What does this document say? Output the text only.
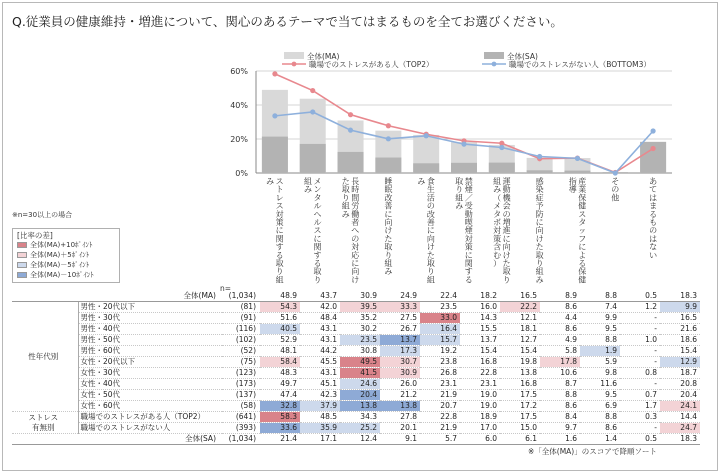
Q.従業員の健康維持・増進について、関心のあるテーマで当てはまるものを全てお選びください。
0%
20%
40%
60%
ストレス対策に関する取り組み	メンタルヘルスに関する取り組み
長時間労働者への対応に向けた取り組み
睡眠改善に向けた取り組み
食生活の改善に向けた取り組み	禁煙／受動喫煙対策に関する取り組み
運動機会の増進に向けた取り組み（メタボ対策含む）
感染症予防に向けた取り組み
産業保健スタッフによる保健指導
その他
あてはまるものはない
全体(MA)
職場でのストレスがある人（TOP2）
全体(SA)
職場でのストレスがない人（BOTTOM3）
※n=30以上の場合
[比率の差]
全体(MA)+10ﾎﾟｲﾝﾄ
全体(MA)＋5ﾎﾟｲﾝﾄ
全体(MA)－5ﾎﾟｲﾝﾄ
全体(MA)－10ﾎﾟｲﾝﾄ
n=
全体(MA)		(1,034)	48.9	43.7	30.9	24.9	22.4	18.2	16.5	8.9	8.8	0.5	18.3
性年代別	男性・20代以下	(81)	54.3	42.0	39.5	33.3	23.5	16.0	22.2	8.6	7.4	1.2	9.9
	男性・30代	(91)	51.6	48.4	35.2	27.5	33.0	14.3	12.1	4.4	9.9	-	16.5
	男性・40代	(116)	40.5	43.1	30.2	26.7	16.4	15.5	18.1	8.6	9.5	-	21.6
	男性・50代	(102)	52.9	43.1	23.5	13.7	15.7	13.7	12.7	4.9	8.8	1.0	18.6
	男性・60代	(52)	48.1	44.2	30.8	17.3	19.2	15.4	15.4	5.8	1.9	-	15.4
	女性・20代以下	(75)	58.4	45.5	49.5	30.7	23.8	16.8	19.8	17.8	5.9	-	12.9
	女性・30代	(123)	48.3	43.1	41.5	30.9	26.8	22.8	13.8	10.6	9.8	0.8	18.7
	女性・40代	(173)	49.7	45.1	24.6	26.0	23.1	23.1	16.8	8.7	11.6	-	20.8
	女性・50代	(137)	47.4	42.3	20.4	21.2	21.9	19.0	17.5	8.8	9.5	0.7	20.4
	女性・60代	(58)	32.8	37.9	13.8	13.8	20.7	19.0	17.2	8.6	6.9	1.7	24.1
ストレス
有無別	職場でのストレスがある人（TOP2）	(641)	58.3	48.5	34.3	27.8	22.8	18.9	17.5	8.4	8.8	0.3	14.4
	職場でのストレスがない人	(393)	33.6	35.9	25.2	20.1	21.9	17.0	15.0	9.7	8.6	-	24.7
全体(SA)		(1,034)	21.4	17.1	12.4	9.1	5.7	6.0	6.1	1.6	1.4	0.5	18.3
※「全体(MA)」のスコアで降順ソート
